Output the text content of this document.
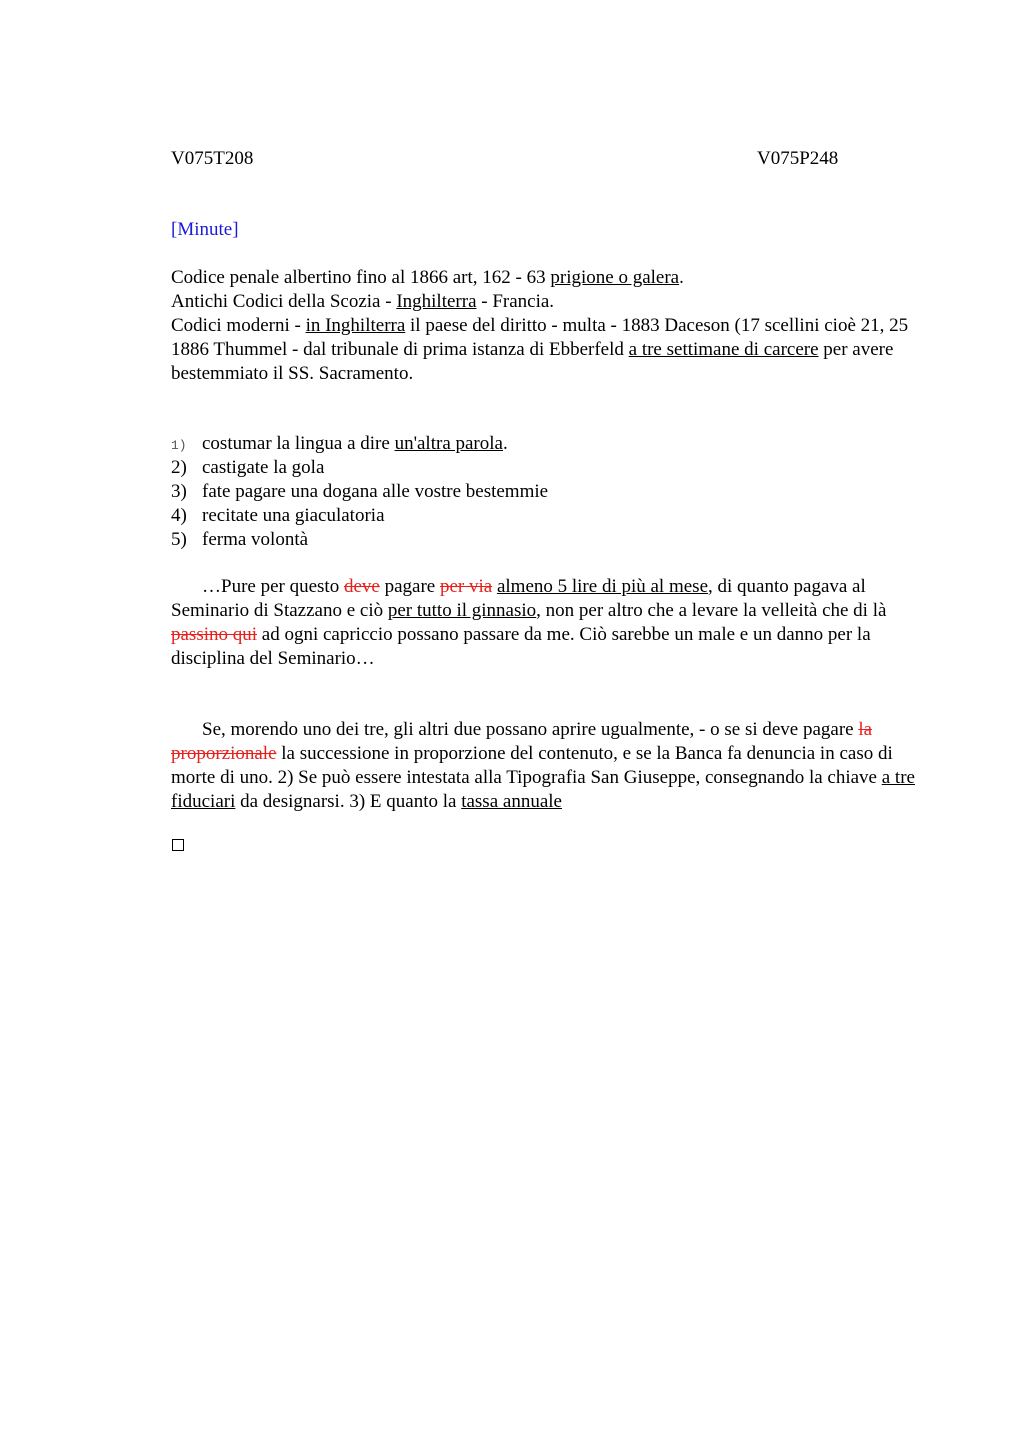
V075T208	V075P248
[Minute]

Codice penale albertino fino al 1866 art, 162 - 63 prigione o galera.

Antichi Codici della Scozia - Inghilterra - Francia.

Codici moderni - in Inghilterra il paese del diritto - multa - 1883 Daceson (17 scellini cioè 21, 25

1886 Thummel - dal tribunale di prima istanza di Ebberfeld a tre settimane di carcere per avere bestemmiato il SS. Sacramento.

1) costumar la lingua a dire un'altra parola.
2) castigate la gola
3) fate pagare una dogana alle vostre bestemmie
4) recitate una giaculatoria
5) ferma volontà

…Pure per questo deve pagare per via almeno 5 lire di più al mese, di quanto pagava al Seminario di Stazzano e ciò per tutto il ginnasio, non per altro che a levare la velleità che di là passino qui ad ogni capriccio possano passare da me. Ciò sarebbe un male e un danno per la disciplina del Seminario…

Se, morendo uno dei tre, gli altri due possano aprire ugualmente, - o se si deve pagare la proporzionale la successione in proporzione del contenuto, e se la Banca fa denuncia in caso di morte di uno. 2) Se può essere intestata alla Tipografia San Giuseppe, consegnando la chiave a tre fiduciari da designarsi. 3) E quanto la tassa annuale
